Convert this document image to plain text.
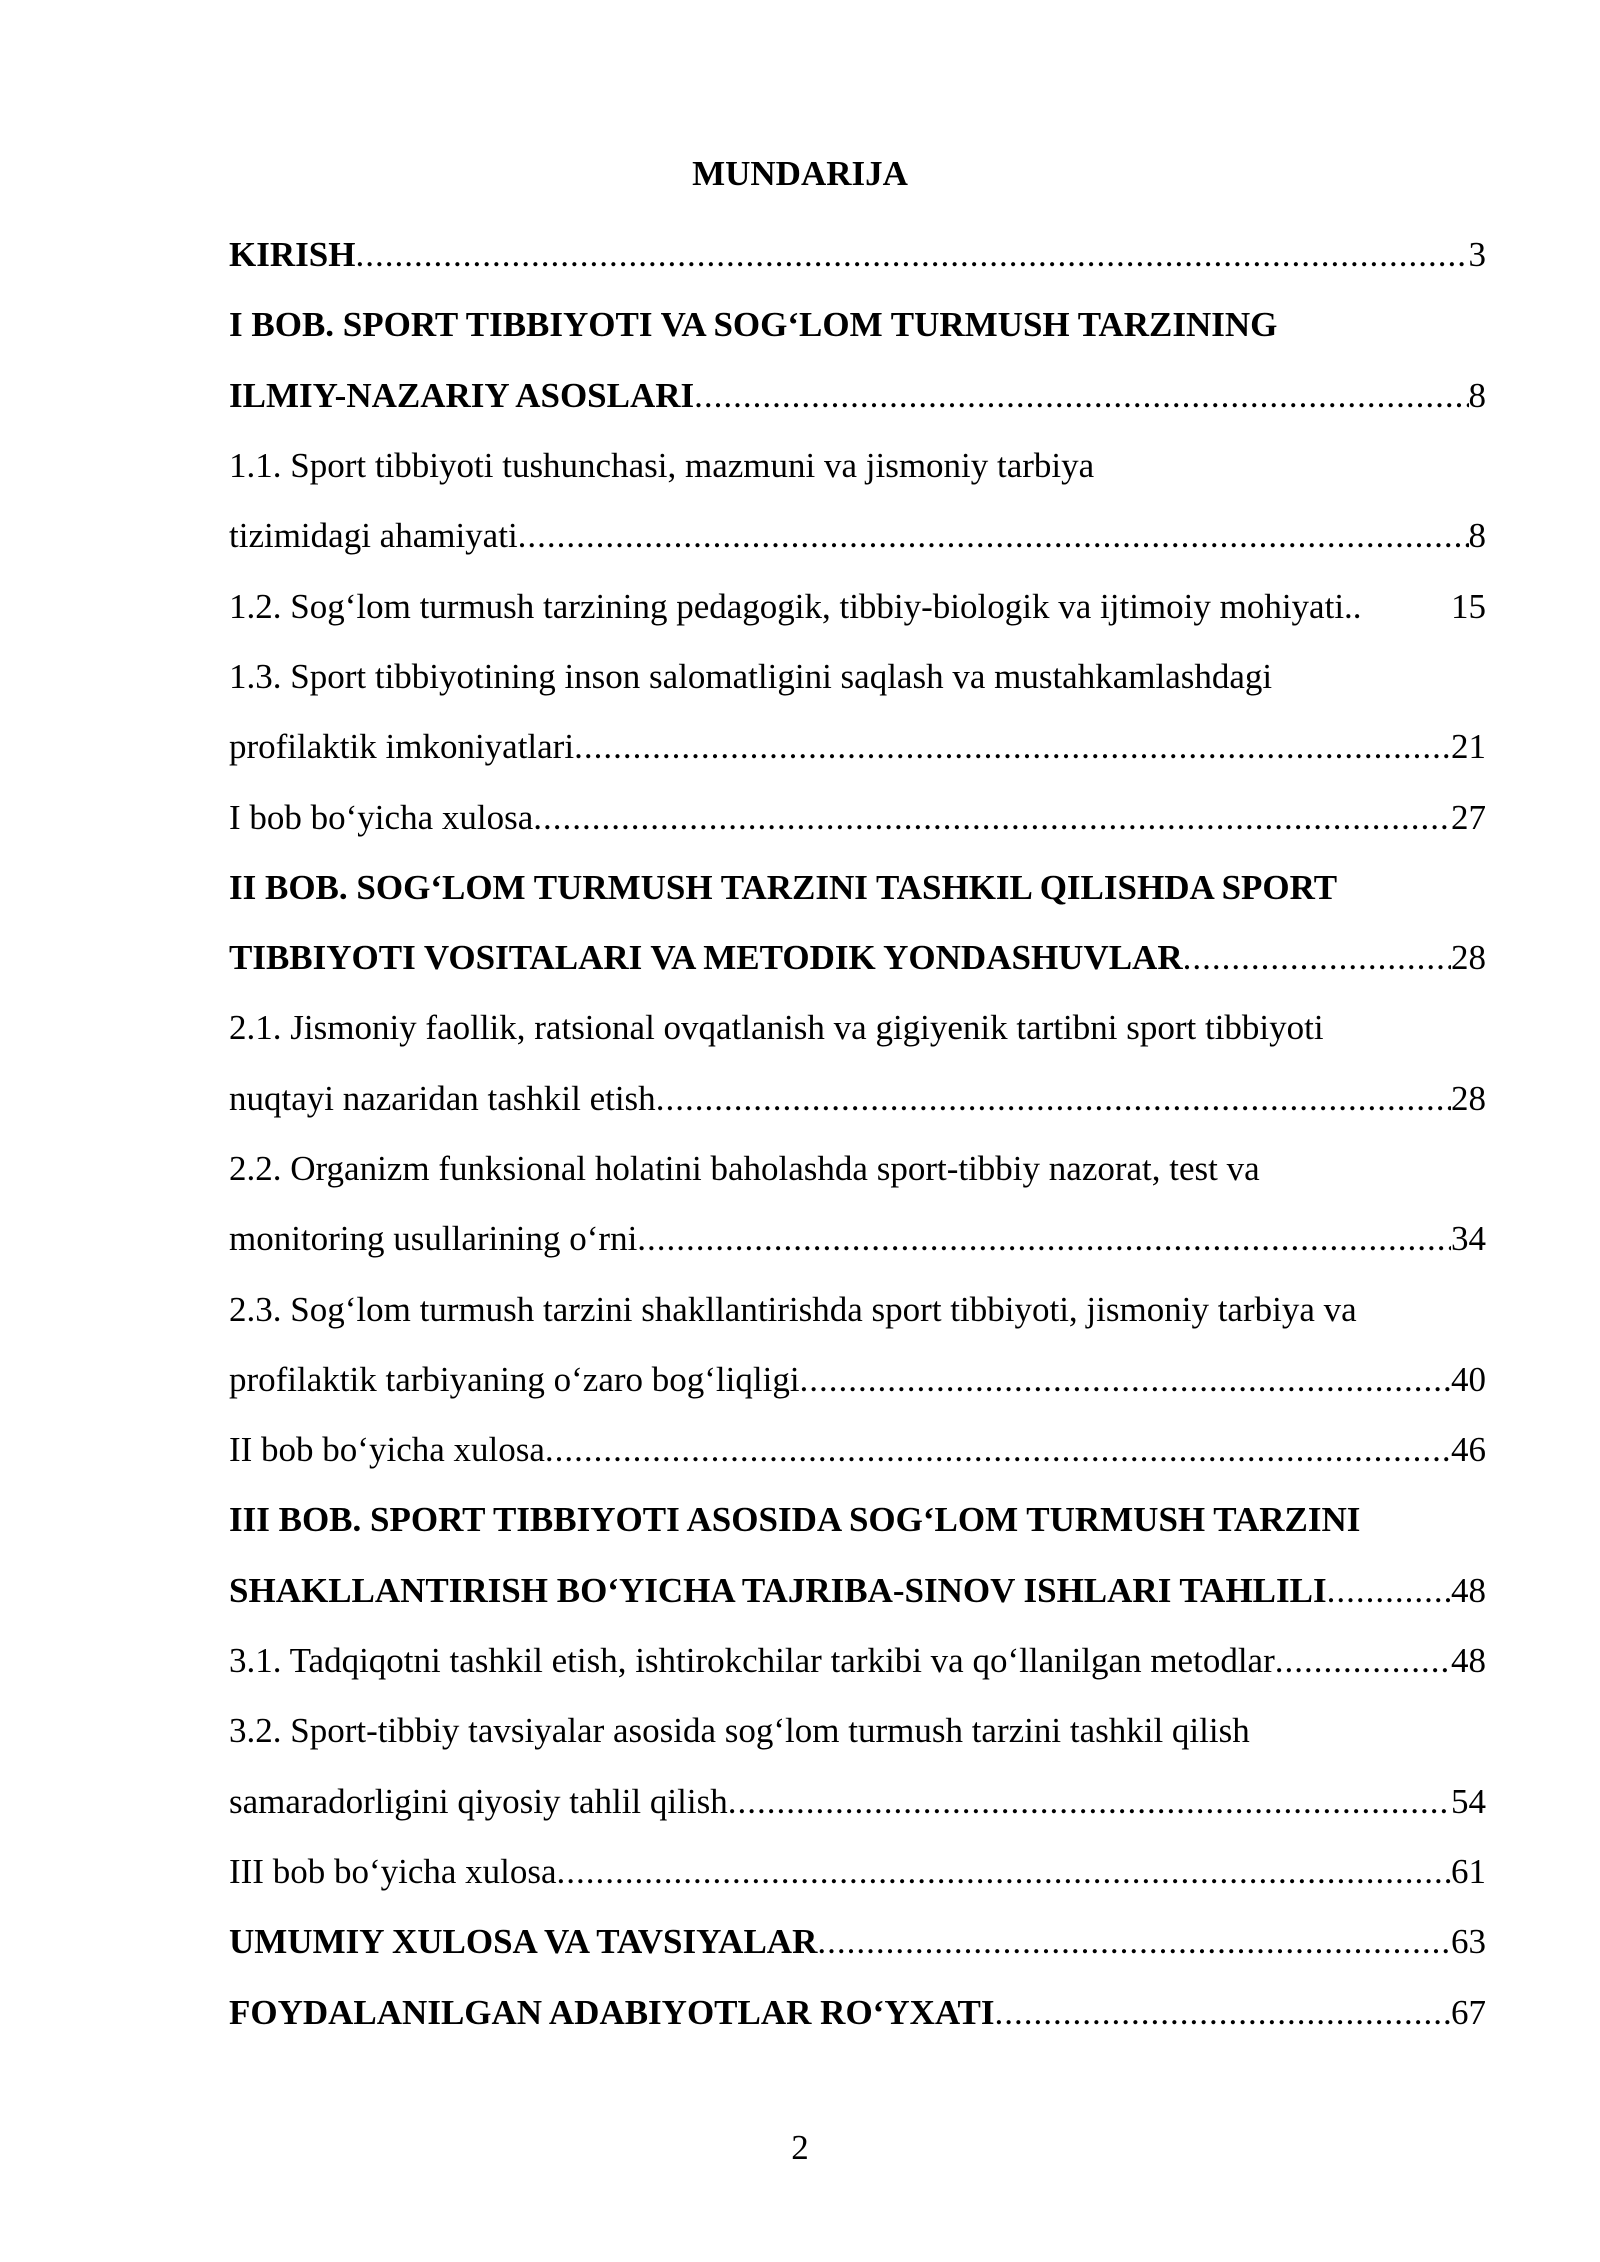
MUNDARIJA
KIRISH .....	3
I BOB. SPORT TIBBIYOTI VA SOG‘LOM TURMUSH TARZINING
ILMIY-NAZARIY ASOSLARI .....	8
1.1. Sport tibbiyoti tushunchasi, mazmuni va jismoniy tarbiya
tizimidagi ahamiyati .....	8
1.2. Sog‘lom turmush tarzining pedagogik, tibbiy-biologik va ijtimoiy mohiyati..	15
1.3. Sport tibbiyotining inson salomatligini saqlash va mustahkamlashdagi
profilaktik imkoniyatlari .....	21
I bob bo‘yicha xulosa .....	27
II BOB. SOG‘LOM TURMUSH TARZINI TASHKIL QILISHDA SPORT
TIBBIYOTI VOSITALARI VA METODIK YONDASHUVLAR .....	28
2.1. Jismoniy faollik, ratsional ovqatlanish va gigiyenik tartibni sport tibbiyoti
nuqtayi nazaridan tashkil etish .....	28
2.2. Organizm funksional holatini baholashda sport-tibbiy nazorat, test va
monitoring usullarining o‘rni .....	34
2.3. Sog‘lom turmush tarzini shakllantirishda sport tibbiyoti, jismoniy tarbiya va
profilaktik tarbiyaning o‘zaro bog‘liqligi .....	40
II bob bo‘yicha xulosa .....	46
III BOB. SPORT TIBBIYOTI ASOSIDA SOG‘LOM TURMUSH TARZINI
SHAKLLANTIRISH BO‘YICHA TAJRIBA-SINOV ISHLARI TAHLILI .....	48
3.1. Tadqiqotni tashkil etish, ishtirokchilar tarkibi va qo‘llanilgan metodlar .....	48
3.2. Sport-tibbiy tavsiyalar asosida sog‘lom turmush tarzini tashkil qilish
samaradorligini qiyosiy tahlil qilish .....	54
III bob bo‘yicha xulosa .....	61
UMUMIY XULOSA VA TAVSIYALAR .....	63
FOYDALANILGAN ADABIYOTLAR RO‘YXATI .....	67
2
